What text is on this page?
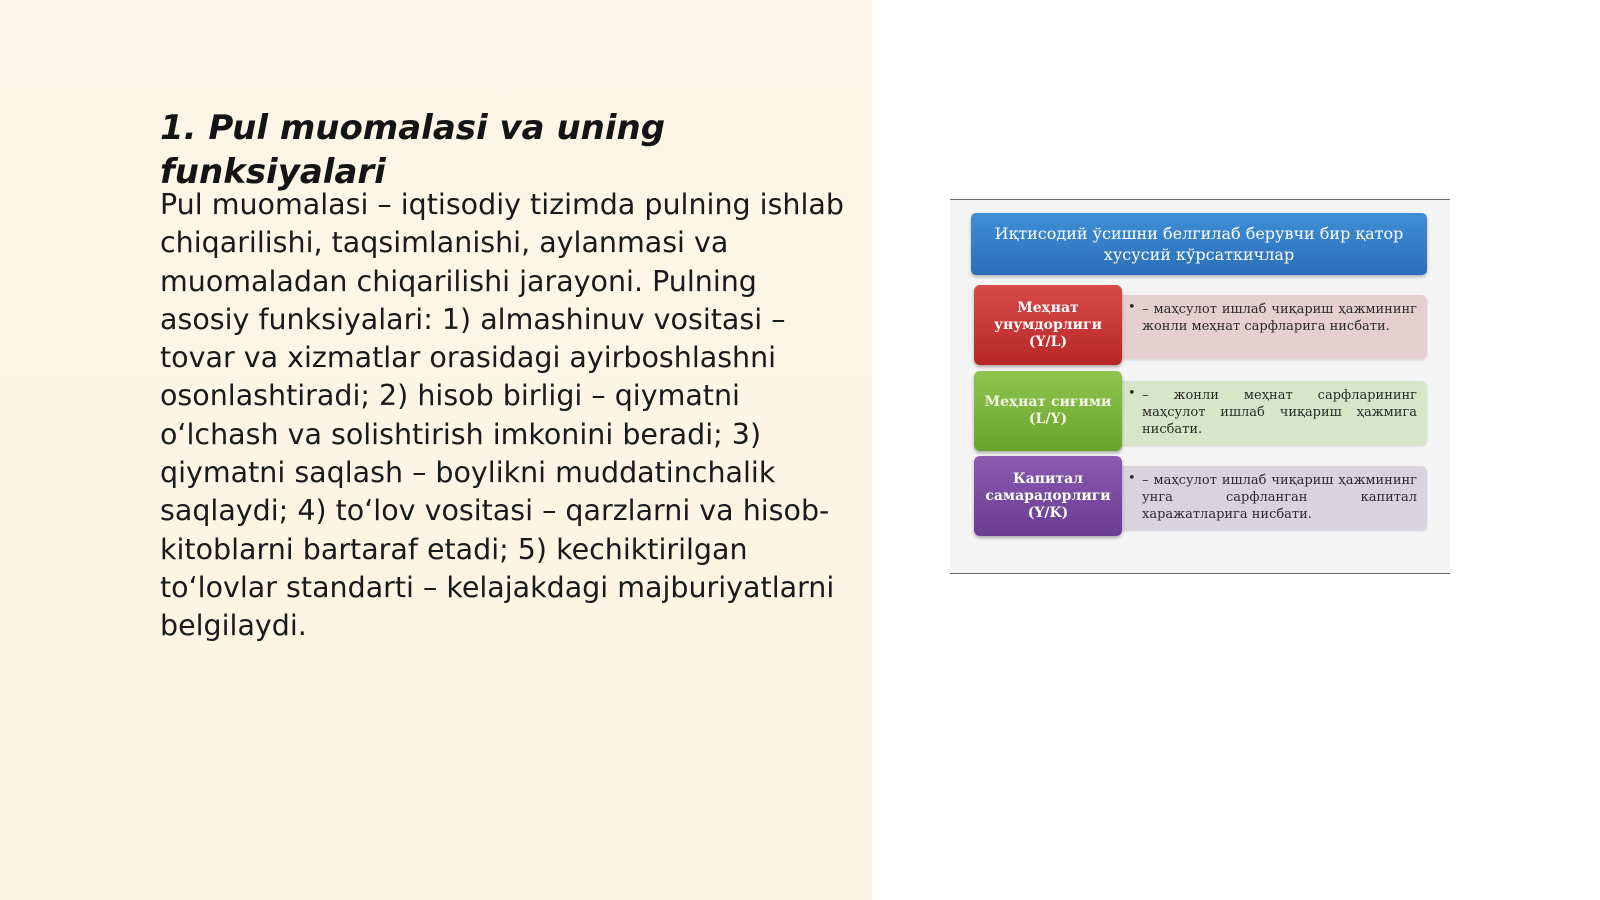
1. Pul muomalasi va uning funksiyalari

Pul muomalasi – iqtisodiy tizimda pulning ishlab chiqarilishi, taqsimlanishi, aylanmasi va muomaladan chiqarilishi jarayoni. Pulning asosiy funksiyalari: 1) almashinuv vositasi – tovar va xizmatlar orasidagi ayirboshlashni osonlashtiradi; 2) hisob birligi – qiymatni o‘lchash va solishtirish imkonini beradi; 3) qiymatni saqlash – boylikni muddatinchalik saqlaydi; 4) to‘lov vositasi – qarzlarni va hisob-kitoblarni bartaraf etadi; 5) kechiktirilgan to‘lovlar standarti – kelajakdagi majburiyatlarni belgilaydi.

Иқтисодий ўсишни белгилаб берувчи бир қатор хусусий кўрсаткичлар
Меҳнат унумдорлиги (Y/L)
• – маҳсулот ишлаб чиқариш ҳажмининг жонли меҳнат сарфларига нисбати.
Меҳнат сиғими (L/Y)
• – жонли меҳнат сарфларининг маҳсулот ишлаб чиқариш ҳажмига нисбати.
Капитал самарадорлиги (Y/K)
• – маҳсулот ишлаб чиқариш ҳажмининг унга сарфланган капитал харажатларига нисбати.
